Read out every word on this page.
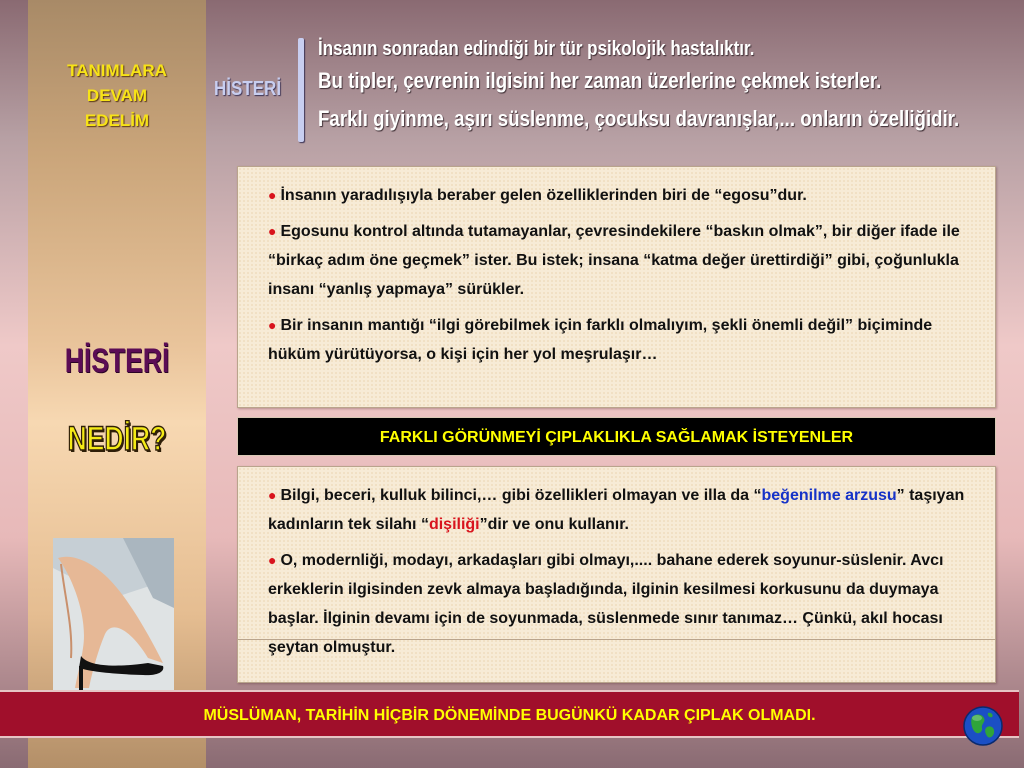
TANIMLARA
DEVAM
EDELİM
HİSTERİ
NEDİR?
HİSTERİ
İnsanın sonradan edindiği bir tür psikolojik hastalıktır.
Bu tipler, çevrenin ilgisini her zaman üzerlerine çekmek isterler.
Farklı giyinme, aşırı süslenme, çocuksu davranışlar,... onların özelliğidir.

● İnsanın yaradılışıyla beraber gelen özelliklerinden biri de “egosu”dur.

● Egosunu kontrol altında tutamayanlar, çevresindekilere “baskın olmak”, bir diğer ifade ile “birkaç adım öne geçmek” ister. Bu istek; insana “katma değer ürettirdiği” gibi, çoğunlukla insanı “yanlış yapmaya” sürükler.

● Bir insanın mantığı “ilgi görebilmek için farklı olmalıyım, şekli önemli değil” biçiminde hüküm yürütüyorsa, o kişi için her yol meşrulaşır…

FARKLI GÖRÜNMEYİ ÇIPLAKLIKLA SAĞLAMAK İSTEYENLER

● Bilgi, beceri, kulluk bilinci,… gibi özellikleri olmayan ve illa da “beğenilme arzusu” taşıyan kadınların tek silahı “dişiliği”dir ve onu kullanır.

● O, modernliği, modayı, arkadaşları gibi olmayı,.... bahane ederek soyunur-süslenir. Avcı erkeklerin ilgisinden zevk almaya başladığında, ilginin kesilmesi korkusunu da duymaya başlar. İlginin devamı için de soyunmada, süslenmede sınır tanımaz… Çünkü, akıl hocası şeytan olmuştur.

MÜSLÜMAN, TARİHİN HİÇBİR DÖNEMİNDE BUGÜNKÜ KADAR ÇIPLAK OLMADI.
